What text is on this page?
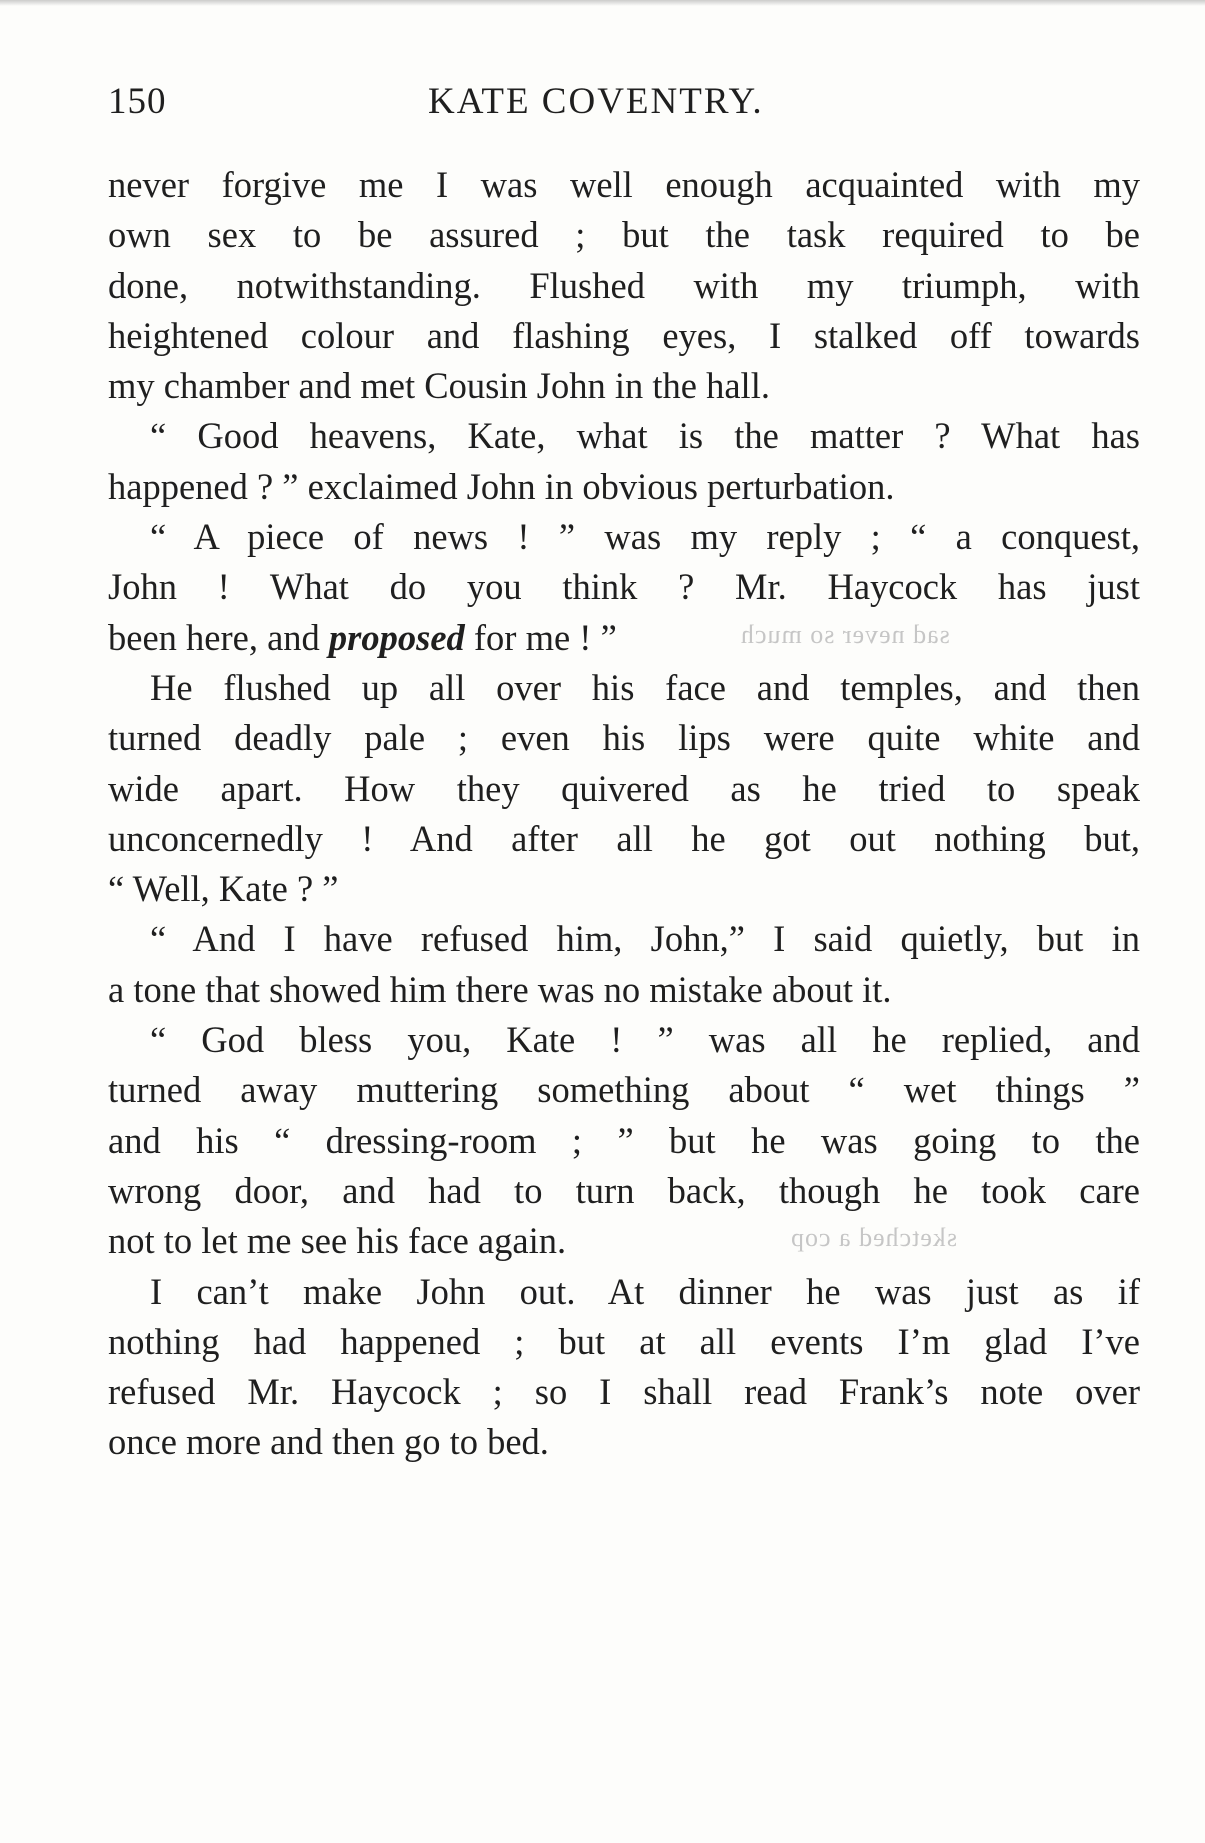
150	KATE COVENTRY.
never forgive me I was well enough acquainted with my
own sex to be assured ; but the task required to be
done, notwithstanding. Flushed with my triumph, with
heightened colour and flashing eyes, I stalked off towards
my chamber and met Cousin John in the hall.
“ Good heavens, Kate, what is the matter ? What has
happened ? ” exclaimed John in obvious perturbation.
“ A piece of news ! ” was my reply ; “ a conquest,
John ! What do you think ? Mr. Haycock has just
been here, and proposed for me ! ”
He flushed up all over his face and temples, and then
turned deadly pale ; even his lips were quite white and
wide apart. How they quivered as he tried to speak
unconcernedly ! And after all he got out nothing but,
“ Well, Kate ? ”
“ And I have refused him, John,” I said quietly, but in
a tone that showed him there was no mistake about it.
“ God bless you, Kate ! ” was all he replied, and
turned away muttering something about “ wet things ”
and his “ dressing-room ; ” but he was going to the
wrong door, and had to turn back, though he took care
not to let me see his face again.
I can’t make John out. At dinner he was just as if
nothing had happened ; but at all events I’m glad I’ve
refused Mr. Haycock ; so I shall read Frank’s note over
once more and then go to bed.
sad never so much
sketched a cop
